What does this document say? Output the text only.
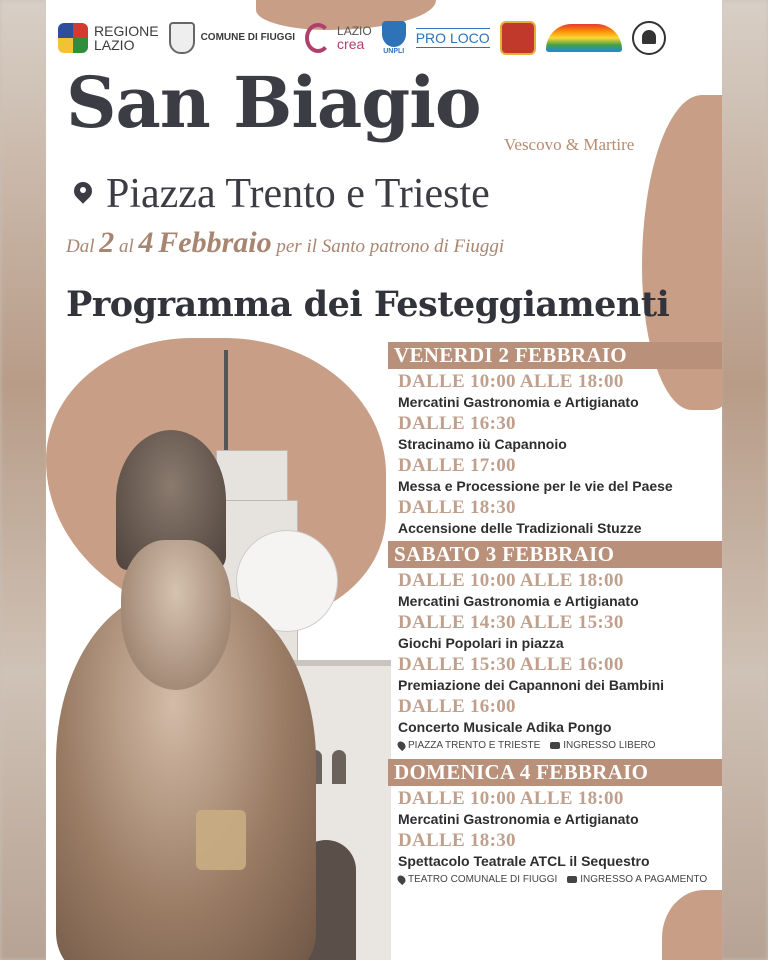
REGIONE
LAZIO	COMUNE DI FIUGGI	LAZIO
crea	UNPLI
PRO LOCO
San Biagio
Vescovo & Martire
Piazza Trento e Trieste
Dal 2 al 4 Febbraio per il Santo patrono di Fiuggi
Programma dei Festeggiamenti
VENERDI 2 FEBBRAIO
DALLE 10:00 ALLE 18:00
Mercatini Gastronomia e Artigianato
DALLE 16:30
Stracinamo iù Capannoio
DALLE 17:00
Messa e Processione per le vie del Paese
DALLE 18:30
Accensione delle Tradizionali Stuzze
SABATO 3 FEBBRAIO
DALLE 10:00 ALLE 18:00
Mercatini Gastronomia e Artigianato
DALLE 14:30 ALLE 15:30
Giochi Popolari in piazza
DALLE 15:30 ALLE 16:00
Premiazione dei Capannoni dei Bambini
DALLE 16:00
Concerto Musicale Adika Pongo
PIAZZA TRENTO E TRIESTE INGRESSO LIBERO
DOMENICA 4 FEBBRAIO
DALLE 10:00 ALLE 18:00
Mercatini Gastronomia e Artigianato
DALLE 18:30
Spettacolo Teatrale ATCL il Sequestro
TEATRO COMUNALE DI FIUGGI INGRESSO A PAGAMENTO
